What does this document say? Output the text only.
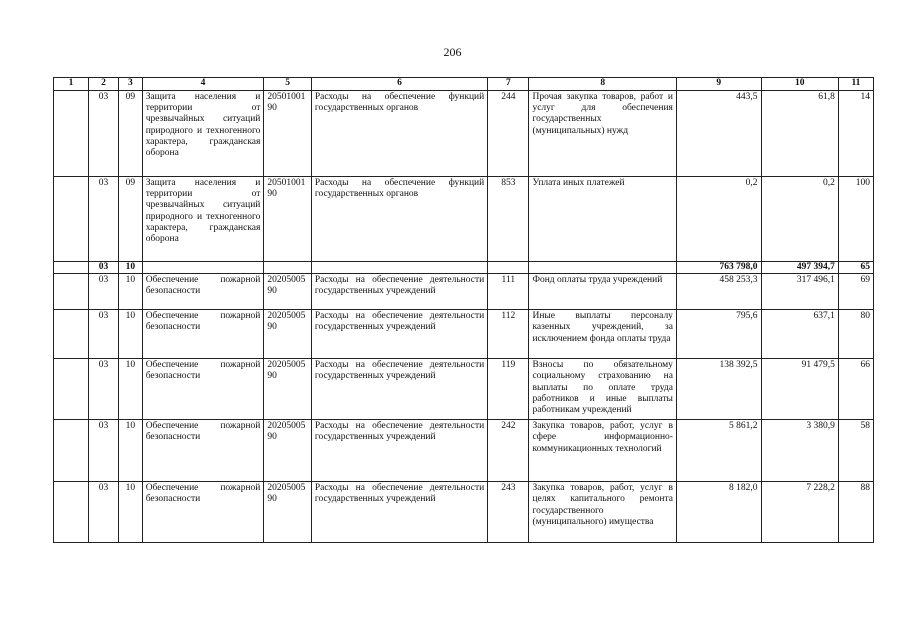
206
1	2	3	4	5	6	7	8	9	10	11
	03	09	Защита населения и территории от чрезвычайных ситуаций природного и техногенного характера, гражданская оборона	2050100190	Расходы на обеспечение функций государственных органов	244	Прочая закупка товаров, работ и услуг для обеспечения государственных (муниципальных) нужд	443,5	61,8	14
	03	09	Защита населения и территории от чрезвычайных ситуаций природного и техногенного характера, гражданская оборона	2050100190	Расходы на обеспечение функций государственных органов	853	Уплата иных платежей	0,2	0,2	100
	03	10						763 798,0	497 394,7	65
	03	10	Обеспечение пожарной безопасности	2020500590	Расходы на обеспечение деятельности государственных учреждений	111	Фонд оплаты труда учреждений	458 253,3	317 496,1	69
	03	10	Обеспечение пожарной безопасности	2020500590	Расходы на обеспечение деятельности государственных учреждений	112	Иные выплаты персоналу казенных учреждений, за исключением фонда оплаты труда	795,6	637,1	80
	03	10	Обеспечение пожарной безопасности	2020500590	Расходы на обеспечение деятельности государственных учреждений	119	Взносы по обязательному социальному страхованию на выплаты по оплате труда работников и иные выплаты работникам учреждений	138 392,5	91 479,5	66
	03	10	Обеспечение пожарной безопасности	2020500590	Расходы на обеспечение деятельности государственных учреждений	242	Закупка товаров, работ, услуг в сфере информационно-коммуникационных технологий	5 861,2	3 380,9	58
	03	10	Обеспечение пожарной безопасности	2020500590	Расходы на обеспечение деятельности государственных учреждений	243	Закупка товаров, работ, услуг в целях капитального ремонта государственного (муниципального) имущества	8 182,0	7 228,2	88
